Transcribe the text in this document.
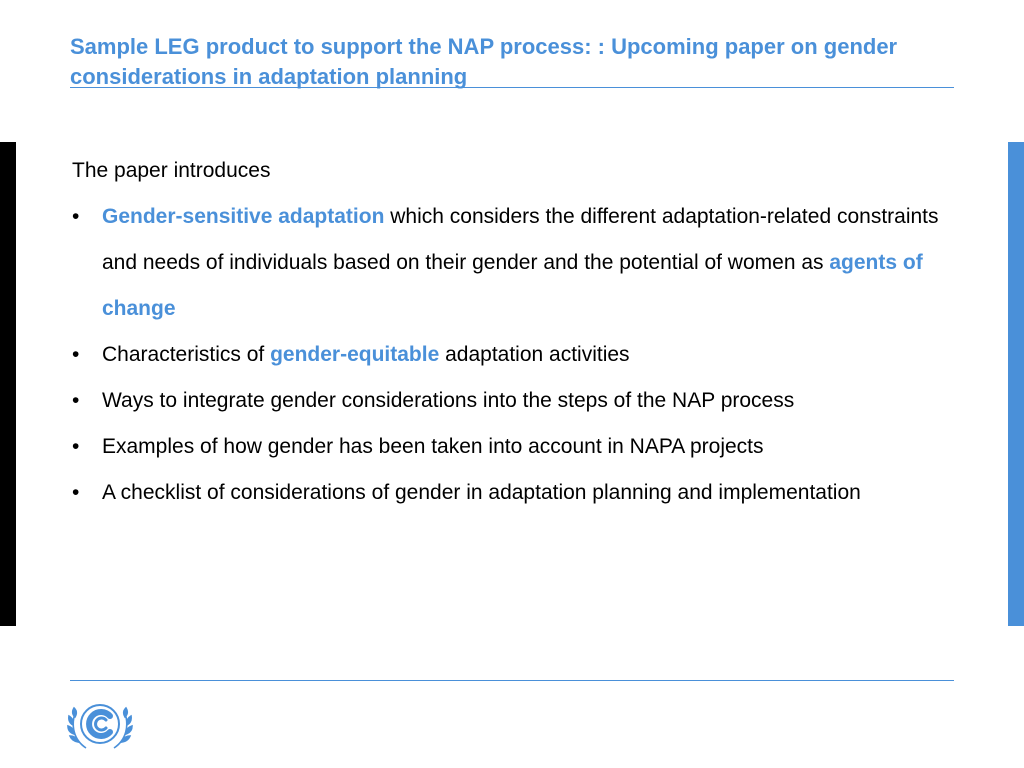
Sample LEG product to support the NAP process: : Upcoming paper on gender considerations in adaptation planning

The paper introduces

• Gender-sensitive adaptation which considers the different adaptation-related constraints and needs of individuals based on their gender and the potential of women as agents of change
• Characteristics of gender-equitable adaptation activities
• Ways to integrate gender considerations into the steps of the NAP process
• Examples of how gender has been taken into account in NAPA projects
• A checklist of considerations of gender in adaptation planning and implementation
